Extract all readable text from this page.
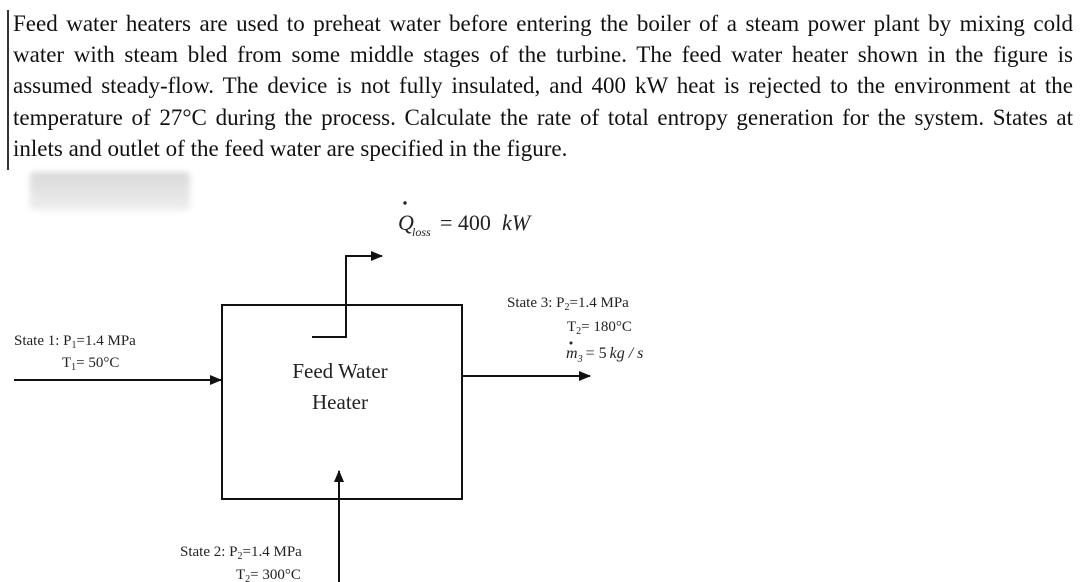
Feed water heaters are used to preheat water before entering the boiler of a steam power plant by mixing cold water with steam bled from some middle stages of the turbine. The feed water heater shown in the figure is assumed steady-flow. The device is not fully insulated, and 400 kW heat is rejected to the environment at the temperature of 27°C during the process. Calculate the rate of total entropy generation for the system. States at inlets and outlet of the feed water are specified in the figure.

Q
loss = 400 kW
Feed Water
Heater
State 1: $P_1=1.4$ MPa
$T_1= 50^\circ C$
State 2: $P_2=1.4$ MPa
$T_2= 300^\circ C$
State 3: $P_2=1.4$ MPa
$T_2= 180^\circ C$
$m_3 = 5$ kg / s
